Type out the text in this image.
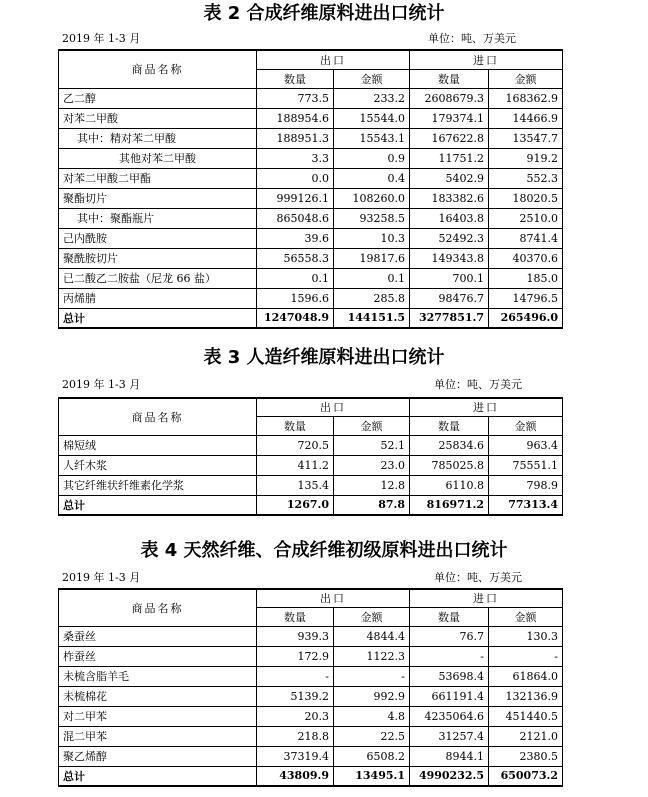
表 2 合成纤维原料进出口统计
2019 年 1-3 月	单位：吨、万美元
商品名称	出口		进口	
	数量	金额	数量	金额
乙二醇	773.5	233.2	2608679.3	168362.9
对苯二甲酸	188954.6	15544.0	179374.1	14466.9
其中：精对苯二甲酸	188951.3	15543.1	167622.8	13547.7
其他对苯二甲酸	3.3	0.9	11751.2	919.2
对苯二甲酸二甲酯	0.0	0.4	5402.9	552.3
聚酯切片	999126.1	108260.0	183382.6	18020.5
其中：聚酯瓶片	865048.6	93258.5	16403.8	2510.0
己内酰胺	39.6	10.3	52492.3	8741.4
聚酰胺切片	56558.3	19817.6	149343.8	40370.6
已二酸乙二胺盐（尼龙 66 盐）	0.1	0.1	700.1	185.0
丙烯腈	1596.6	285.8	98476.7	14796.5
总计	1247048.9	144151.5	3277851.7	265496.0
表 3 人造纤维原料进出口统计
2019 年 1-3 月	单位：吨、万美元
商品名称	出口		进口	
	数量	金额	数量	金额
棉短绒	720.5	52.1	25834.6	963.4
人纤木浆	411.2	23.0	785025.8	75551.1
其它纤维状纤维素化学浆	135.4	12.8	6110.8	798.9
总计	1267.0	87.8	816971.2	77313.4
表 4 天然纤维、合成纤维初级原料进出口统计
2019 年 1-3 月	单位：吨、万美元
商品名称	出口		进口	
	数量	金额	数量	金额
桑蚕丝	939.3	4844.4	76.7	130.3
柞蚕丝	172.9	1122.3	-	-
未梳含脂羊毛	-	-	53698.4	61864.0
未梳棉花	5139.2	992.9	661191.4	132136.9
对二甲苯	20.3	4.8	4235064.6	451440.5
混二甲苯	218.8	22.5	31257.4	2121.0
聚乙烯醇	37319.4	6508.2	8944.1	2380.5
总计	43809.9	13495.1	4990232.5	650073.2
